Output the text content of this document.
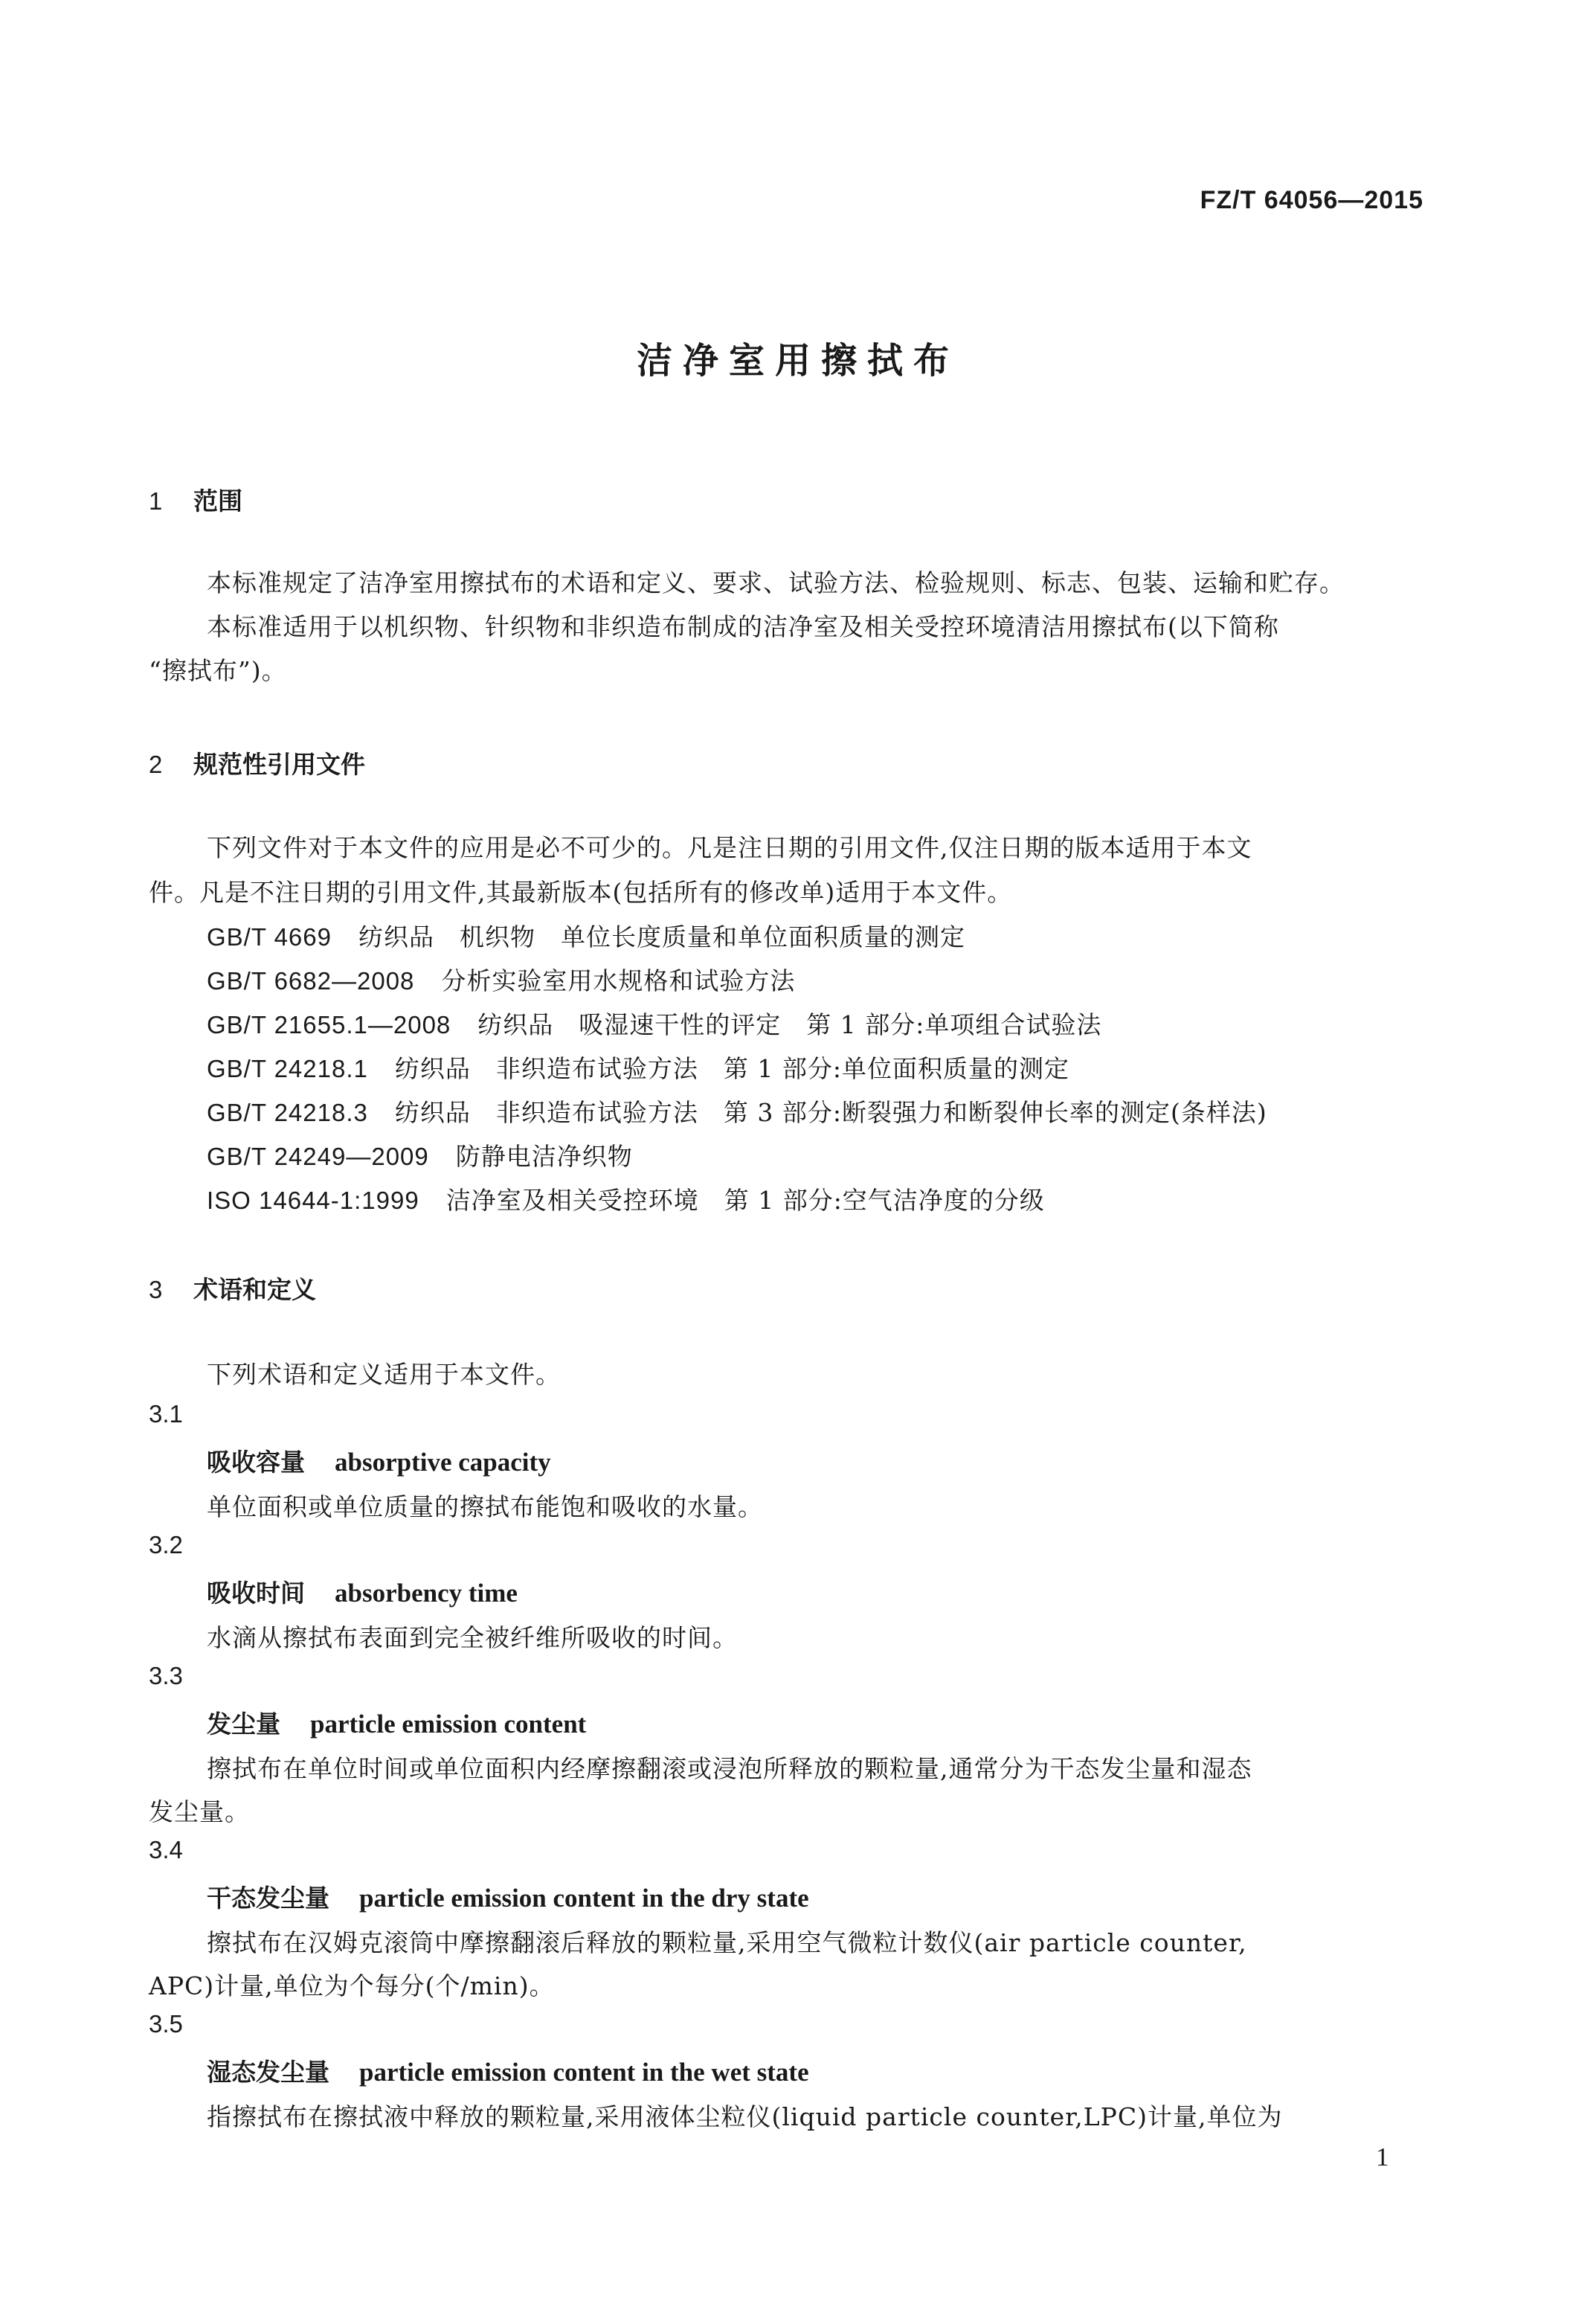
FZ/T 64056—2015
洁净室用擦拭布
1 范围
本标准规定了洁净室用擦拭布的术语和定义、要求、试验方法、检验规则、标志、包装、运输和贮存。
本标准适用于以机织物、针织物和非织造布制成的洁净室及相关受控环境清洁用擦拭布(以下简称
“擦拭布”)。
2 规范性引用文件
下列文件对于本文件的应用是必不可少的。凡是注日期的引用文件,仅注日期的版本适用于本文
件。凡是不注日期的引用文件,其最新版本(包括所有的修改单)适用于本文件。
GB/T 4669 纺织品　机织物　单位长度质量和单位面积质量的测定
GB/T 6682—2008 分析实验室用水规格和试验方法
GB/T 21655.1—2008 纺织品　吸湿速干性的评定　第 1 部分:单项组合试验法
GB/T 24218.1 纺织品　非织造布试验方法　第 1 部分:单位面积质量的测定
GB/T 24218.3 纺织品　非织造布试验方法　第 3 部分:断裂强力和断裂伸长率的测定(条样法)
GB/T 24249—2009 防静电洁净织物
ISO 14644-1:1999 洁净室及相关受控环境　第 1 部分:空气洁净度的分级
3 术语和定义
下列术语和定义适用于本文件。
3.1
吸收容量 absorptive capacity
单位面积或单位质量的擦拭布能饱和吸收的水量。
3.2
吸收时间 absorbency time
水滴从擦拭布表面到完全被纤维所吸收的时间。
3.3
发尘量 particle emission content
擦拭布在单位时间或单位面积内经摩擦翻滚或浸泡所释放的颗粒量,通常分为干态发尘量和湿态
发尘量。
3.4
干态发尘量 particle emission content in the dry state
擦拭布在汉姆克滚筒中摩擦翻滚后释放的颗粒量,采用空气微粒计数仪(air particle counter,
APC)计量,单位为个每分(个/min)。
3.5
湿态发尘量 particle emission content in the wet state
指擦拭布在擦拭液中释放的颗粒量,采用液体尘粒仪(liquid particle counter,LPC)计量,单位为
1
